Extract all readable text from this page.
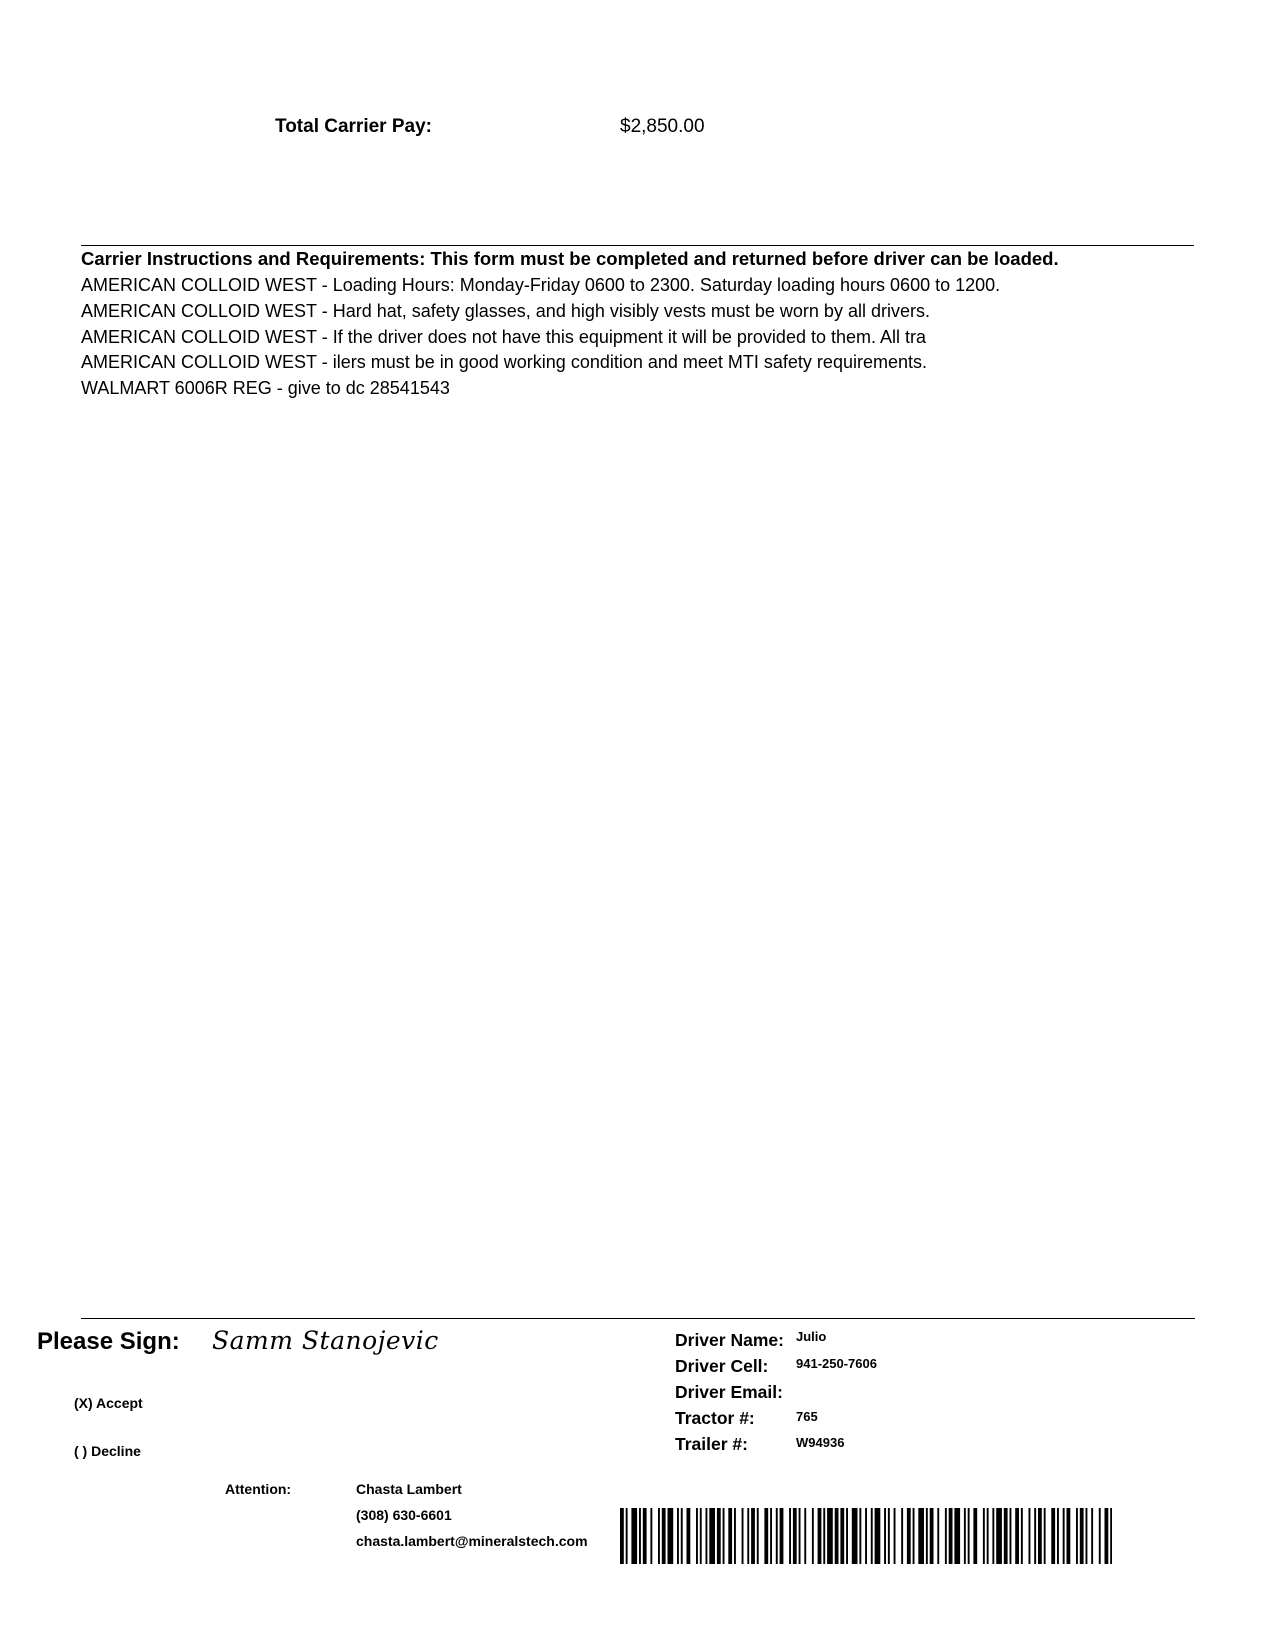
Total Carrier Pay:	$2,850.00
Carrier Instructions and Requirements: This form must be completed and returned before driver can be loaded.
AMERICAN COLLOID WEST - Loading Hours: Monday-Friday 0600 to 2300. Saturday loading hours 0600 to 1200.
AMERICAN COLLOID WEST - Hard hat, safety glasses, and high visibly vests must be worn by all drivers.
AMERICAN COLLOID WEST - If the driver does not have this equipment it will be provided to them. All tra
AMERICAN COLLOID WEST - ilers must be in good working condition and meet MTI safety requirements.
WALMART 6006R REG - give to dc 28541543
Please Sign: Samm Stanojevic
(X) Accept
( ) Decline
Driver Name: Julio
Driver Cell: 941-250-7606
Driver Email:
Tractor #:	765
Trailer #:	W94936
Attention:	Chasta Lambert
(308) 630-6601
chasta.lambert@mineralstech.com
